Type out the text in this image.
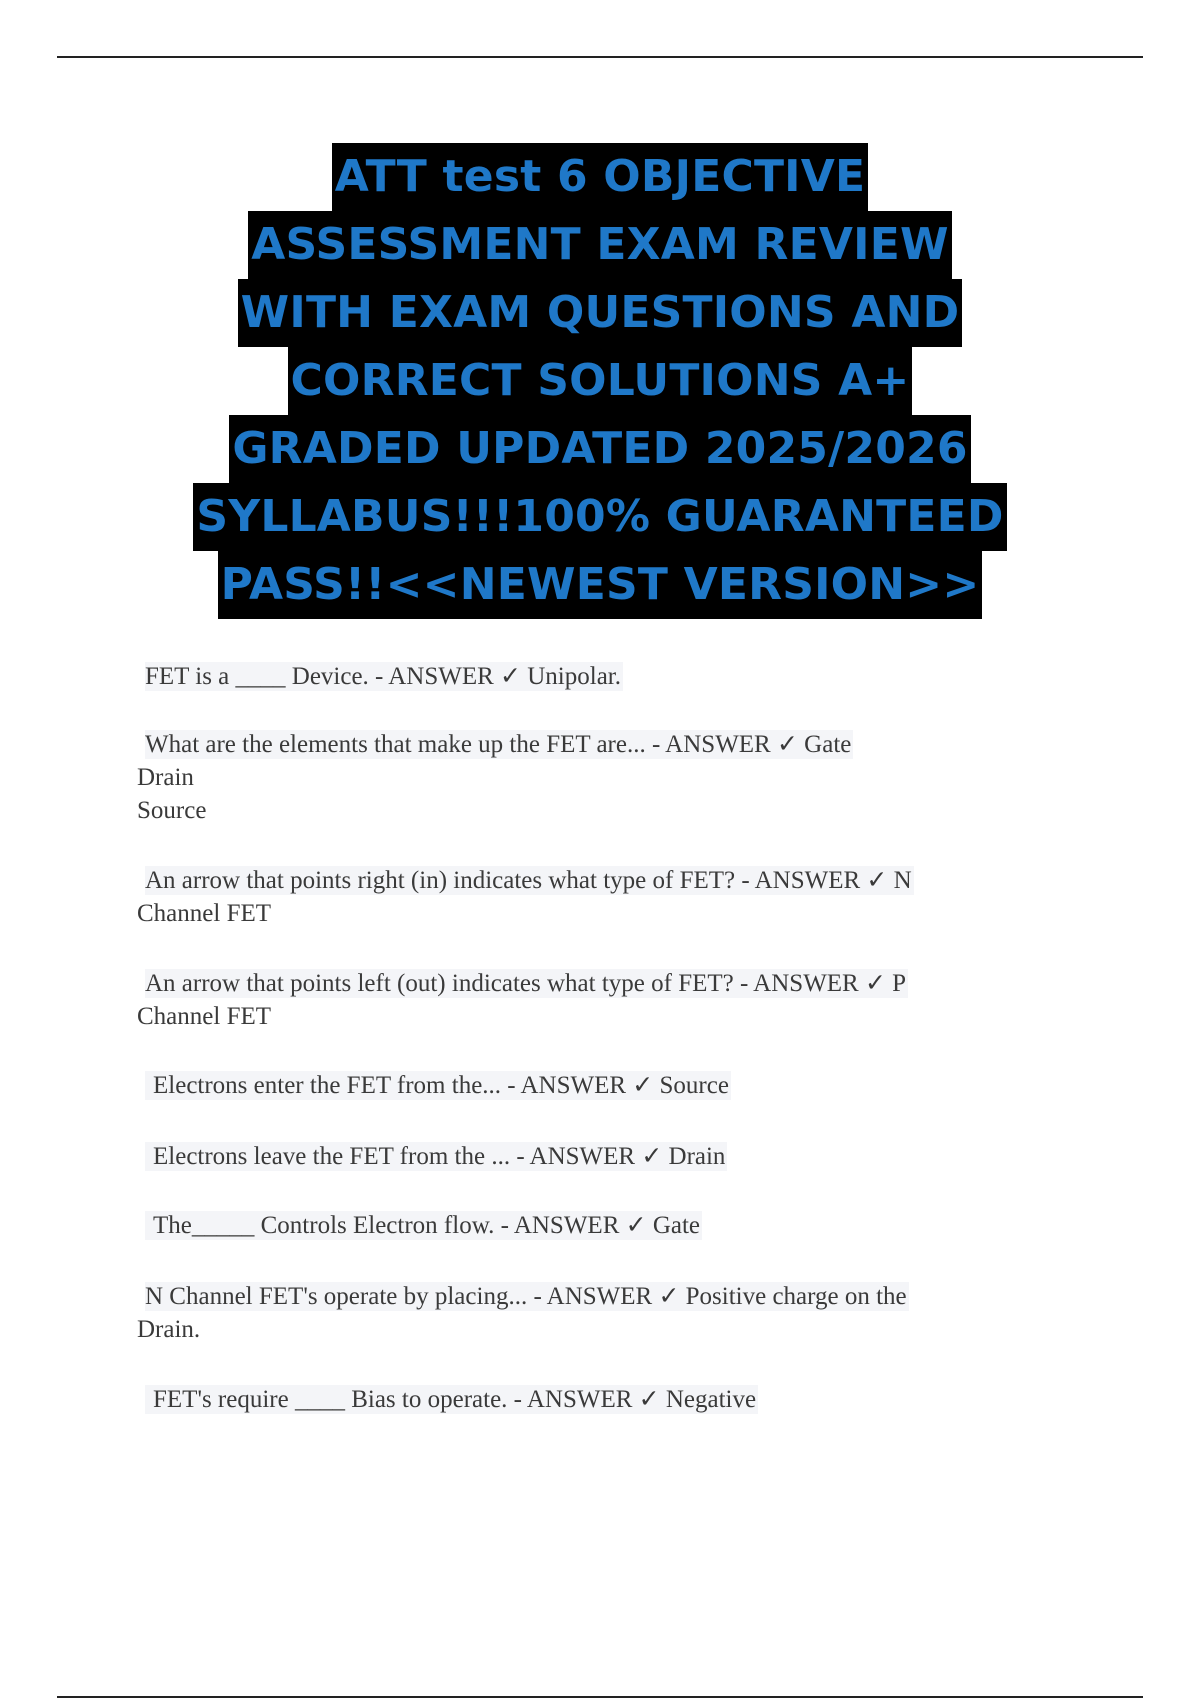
ATT test 6 OBJECTIVE
ASSESSMENT EXAM REVIEW
WITH EXAM QUESTIONS AND
CORRECT SOLUTIONS A+
GRADED UPDATED 2025/2026
SYLLABUS!!!100% GUARANTEED
PASS!!<<NEWEST VERSION>>
FET is a ____ Device. - ANSWER ✓ Unipolar.
What are the elements that make up the FET are... - ANSWER ✓ Gate
Drain
Source
An arrow that points right (in) indicates what type of FET? - ANSWER ✓ N
Channel FET
An arrow that points left (out) indicates what type of FET? - ANSWER ✓ P
Channel FET
Electrons enter the FET from the... - ANSWER ✓ Source
Electrons leave the FET from the ... - ANSWER ✓ Drain
The_____ Controls Electron flow. - ANSWER ✓ Gate
N Channel FET's operate by placing... - ANSWER ✓ Positive charge on the
Drain.
FET's require ____ Bias to operate. - ANSWER ✓ Negative
